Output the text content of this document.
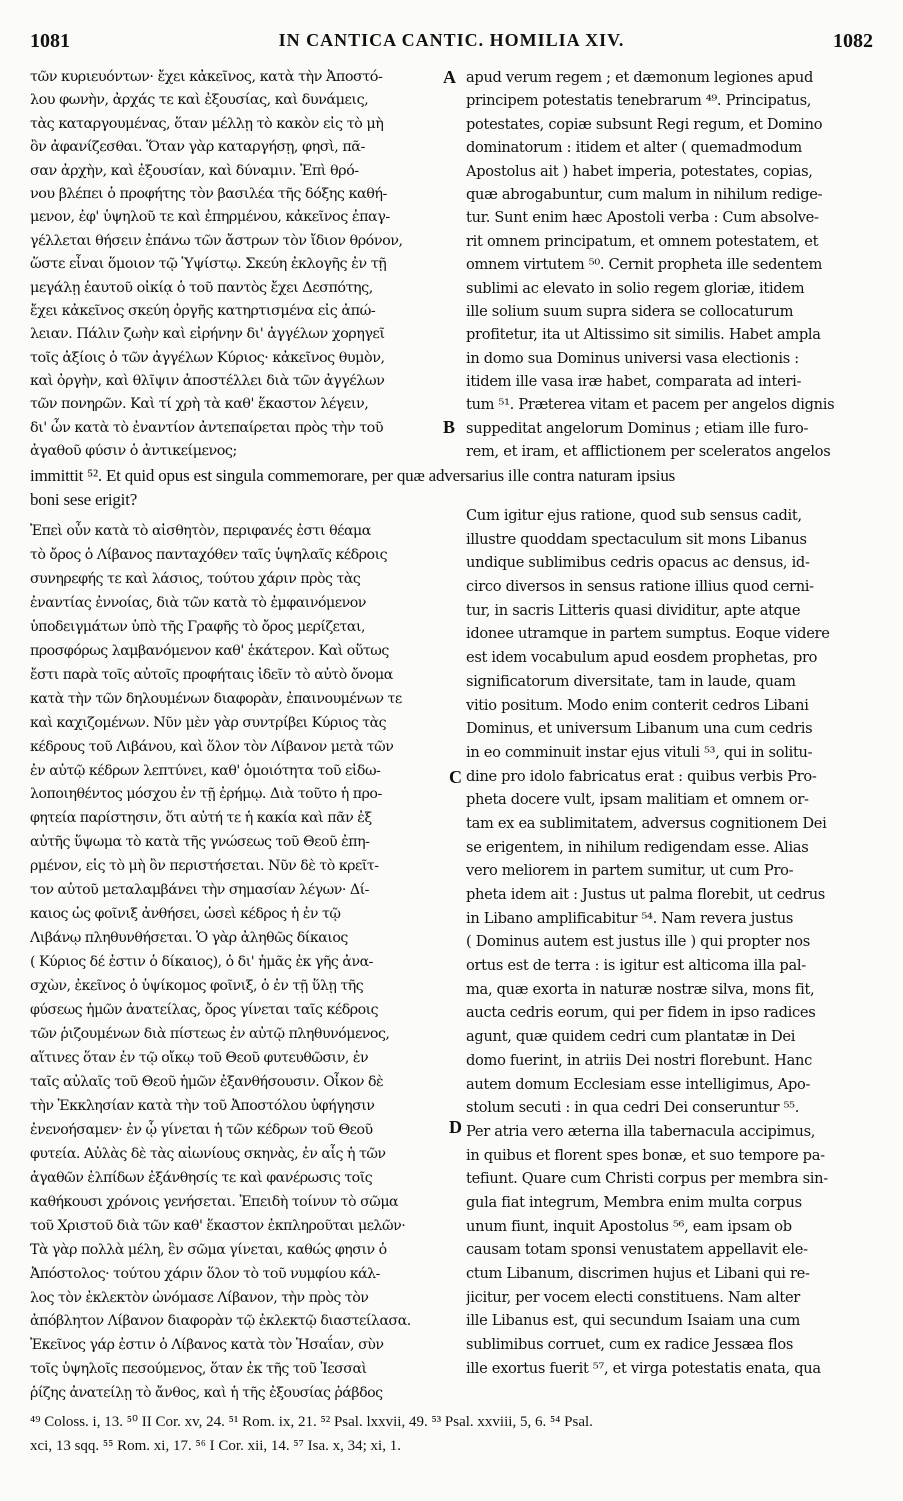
IN CANTICA CANTIC. HOMILIA XIV.
1081	1082
τῶν κυριευόντων· ἔχει κἀκεῖνος, κατὰ τὴν Ἀποστό-
λου φωνὴν, ἀρχάς τε καὶ ἐξουσίας, καὶ δυνάμεις,
τὰς καταργουμένας, ὅταν μέλλῃ τὸ κακὸν εἰς τὸ μὴ
ὂν ἀφανίζεσθαι. Ὅταν γὰρ καταργήσῃ, φησὶ, πᾶ-
σαν ἀρχὴν, καὶ ἐξουσίαν, καὶ δύναμιν. Ἐπὶ θρό-
νου βλέπει ὁ προφήτης τὸν βασιλέα τῆς δόξης καθή-
μενον, ἐφ' ὑψηλοῦ τε καὶ ἐπηρμένου, κἀκεῖνος ἐπαγ-
γέλλεται θήσειν ἐπάνω τῶν ἄστρων τὸν ἴδιον θρόνον,
ὥστε εἶναι ὅμοιον τῷ Ὑψίστῳ. Σκεύη ἐκλογῆς ἐν τῇ
μεγάλῃ ἑαυτοῦ οἰκίᾳ ὁ τοῦ παντὸς ἔχει Δεσπότης,
ἔχει κἀκεῖνος σκεύη ὀργῆς κατηρτισμένα εἰς ἀπώ-
λειαν. Πάλιν ζωὴν καὶ εἰρήνην δι' ἀγγέλων χορηγεῖ
τοῖς ἀξίοις ὁ τῶν ἀγγέλων Κύριος· κἀκεῖνος θυμὸν,
καὶ ὀργὴν, καὶ θλῖψιν ἀποστέλλει διὰ τῶν ἀγγέλων
τῶν πονηρῶν. Καὶ τί χρὴ τὰ καθ' ἕκαστον λέγειν,
δι' ὧν κατὰ τὸ ἐναντίον ἀντεπαίρεται πρὸς τὴν τοῦ
ἀγαθοῦ φύσιν ὁ ἀντικείμενος;
apud verum regem ; et dæmonum legiones apud
principem potestatis tenebrarum ⁴⁹. Principatus,
potestates, copiæ subsunt Regi regum, et Domino
dominatorum : itidem et alter ( quemadmodum
Apostolus ait ) habet imperia, potestates, copias,
quæ abrogabuntur, cum malum in nihilum redige-
tur. Sunt enim hæc Apostoli verba : Cum absolve-
rit omnem principatum, et omnem potestatem, et
omnem virtutem ⁵⁰. Cernit propheta ille sedentem
sublimi ac elevato in solio regem gloriæ, itidem
ille solium suum supra sidera se collocaturum
profitetur, ita ut Altissimo sit similis. Habet ampla
in domo sua Dominus universi vasa electionis :
itidem ille vasa iræ habet, comparata ad interi-
tum ⁵¹. Præterea vitam et pacem per angelos dignis
suppeditat angelorum Dominus ; etiam ille furo-
rem, et iram, et afflictionem per sceleratos angelos
A
B
C
D
immittit ⁵². Et quid opus est singula commemorare, per quæ adversarius ille contra naturam ipsius
boni sese erigit?
Ἐπεὶ οὖν κατὰ τὸ αἰσθητὸν, περιφανές ἐστι θέαμα
τὸ ὄρος ὁ Λίβανος πανταχόθεν ταῖς ὑψηλαῖς κέδροις
συνηρεφής τε καὶ λάσιος, τούτου χάριν πρὸς τὰς
ἐναντίας ἐννοίας, διὰ τῶν κατὰ τὸ ἐμφαινόμενον
ὑποδειγμάτων ὑπὸ τῆς Γραφῆς τὸ ὄρος μερίζεται,
προσφόρως λαμβανόμενον καθ' ἑκάτερον. Καὶ οὕτως
ἔστι παρὰ τοῖς αὐτοῖς προφήταις ἰδεῖν τὸ αὐτὸ ὄνομα
κατὰ τὴν τῶν δηλουμένων διαφορὰν, ἐπαινουμένων τε
καὶ καχιζομένων. Νῦν μὲν γὰρ συντρίβει Κύριος τὰς
κέδρους τοῦ Λιβάνου, καὶ ὅλον τὸν Λίβανον μετὰ τῶν
ἐν αὐτῷ κέδρων λεπτύνει, καθ' ὁμοιότητα τοῦ εἰδω-
λοποιηθέντος μόσχου ἐν τῇ ἐρήμῳ. Διὰ τοῦτο ἡ προ-
φητεία παρίστησιν, ὅτι αὐτή τε ἡ κακία καὶ πᾶν ἐξ
αὐτῆς ὕψωμα τὸ κατὰ τῆς γνώσεως τοῦ Θεοῦ ἐπη-
ρμένον, εἰς τὸ μὴ ὂν περιστήσεται. Νῦν δὲ τὸ κρεῖτ-
τον αὐτοῦ μεταλαμβάνει τὴν σημασίαν λέγων· Δί-
καιος ὡς φοῖνιξ ἀνθήσει, ὡσεὶ κέδρος ἡ ἐν τῷ
Λιβάνῳ πληθυνθήσεται. Ὁ γὰρ ἀληθῶς δίκαιος
( Κύριος δέ ἐστιν ὁ δίκαιος), ὁ δι' ἡμᾶς ἐκ γῆς ἀνα-
σχὼν, ἐκεῖνος ὁ ὑψίκομος φοῖνιξ, ὁ ἐν τῇ ὕλῃ τῆς
φύσεως ἡμῶν ἀνατείλας, ὄρος γίνεται ταῖς κέδροις
τῶν ῥιζουμένων διὰ πίστεως ἐν αὐτῷ πληθυνόμενος,
αἵτινες ὅταν ἐν τῷ οἴκῳ τοῦ Θεοῦ φυτευθῶσιν, ἐν
ταῖς αὐλαῖς τοῦ Θεοῦ ἡμῶν ἐξανθήσουσιν. Οἶκον δὲ
τὴν Ἐκκλησίαν κατὰ τὴν τοῦ Ἀποστόλου ὑφήγησιν
ἐνενοήσαμεν· ἐν ᾧ γίνεται ἡ τῶν κέδρων τοῦ Θεοῦ
φυτεία. Αὐλὰς δὲ τὰς αἰωνίους σκηνὰς, ἐν αἷς ἡ τῶν
ἀγαθῶν ἐλπίδων ἐξάνθησίς τε καὶ φανέρωσις τοῖς
καθήκουσι χρόνοις γενήσεται. Ἐπειδὴ τοίνυν τὸ σῶμα
τοῦ Χριστοῦ διὰ τῶν καθ' ἕκαστον ἐκπληροῦται μελῶν·
Τὰ γὰρ πολλὰ μέλη, ἓν σῶμα γίνεται, καθώς φησιν ὁ
Ἀπόστολος· τούτου χάριν ὅλον τὸ τοῦ νυμφίου κάλ-
λος τὸν ἐκλεκτὸν ὠνόμασε Λίβανον, τὴν πρὸς τὸν
ἀπόβλητον Λίβανον διαφορὰν τῷ ἐκλεκτῷ διαστείλασα.
Ἐκεῖνος γάρ ἐστιν ὁ Λίβανος κατὰ τὸν Ἡσαΐαν, σὺν
τοῖς ὑψηλοῖς πεσούμενος, ὅταν ἐκ τῆς τοῦ Ἰεσσαὶ
ῥίζης ἀνατείλῃ τὸ ἄνθος, καὶ ἡ τῆς ἐξουσίας ῥάβδος
Cum igitur ejus ratione, quod sub sensus cadit,
illustre quoddam spectaculum sit mons Libanus
undique sublimibus cedris opacus ac densus, id-
circo diversos in sensus ratione illius quod cerni-
tur, in sacris Litteris quasi dividitur, apte atque
idonee utramque in partem sumptus. Eoque videre
est idem vocabulum apud eosdem prophetas, pro
significatorum diversitate, tam in laude, quam
vitio positum. Modo enim conterit cedros Libani
Dominus, et universum Libanum una cum cedris
in eo comminuit instar ejus vituli ⁵³, qui in solitu-
dine pro idolo fabricatus erat : quibus verbis Pro-
pheta docere vult, ipsam malitiam et omnem or-
tam ex ea sublimitatem, adversus cognitionem Dei
se erigentem, in nihilum redigendam esse. Alias
vero meliorem in partem sumitur, ut cum Pro-
pheta idem ait : Justus ut palma florebit, ut cedrus
in Libano amplificabitur ⁵⁴. Nam revera justus
( Dominus autem est justus ille ) qui propter nos
ortus est de terra : is igitur est alticoma illa pal-
ma, quæ exorta in naturæ nostræ silva, mons fit,
aucta cedris eorum, qui per fidem in ipso radices
agunt, quæ quidem cedri cum plantatæ in Dei
domo fuerint, in atriis Dei nostri florebunt. Hanc
autem domum Ecclesiam esse intelligimus, Apo-
stolum secuti : in qua cedri Dei conseruntur ⁵⁵.
Per atria vero æterna illa tabernacula accipimus,
in quibus et florent spes bonæ, et suo tempore pa-
tefiunt. Quare cum Christi corpus per membra sin-
gula fiat integrum, Membra enim multa corpus
unum fiunt, inquit Apostolus ⁵⁶, eam ipsam ob
causam totam sponsi venustatem appellavit ele-
ctum Libanum, discrimen hujus et Libani qui re-
jicitur, per vocem electi constituens. Nam alter
ille Libanus est, qui secundum Isaiam una cum
sublimibus corruet, cum ex radice Jessæa flos
ille exortus fuerit ⁵⁷, et virga potestatis enata, qua
⁴⁹ Coloss. i, 13. ⁵⁰ II Cor. xv, 24. ⁵¹ Rom. ix, 21. ⁵² Psal. lxxvii, 49. ⁵³ Psal. xxviii, 5, 6. ⁵⁴ Psal.
xci, 13 sqq. ⁵⁵ Rom. xi, 17. ⁵⁶ I Cor. xii, 14. ⁵⁷ Isa. x, 34; xi, 1.
